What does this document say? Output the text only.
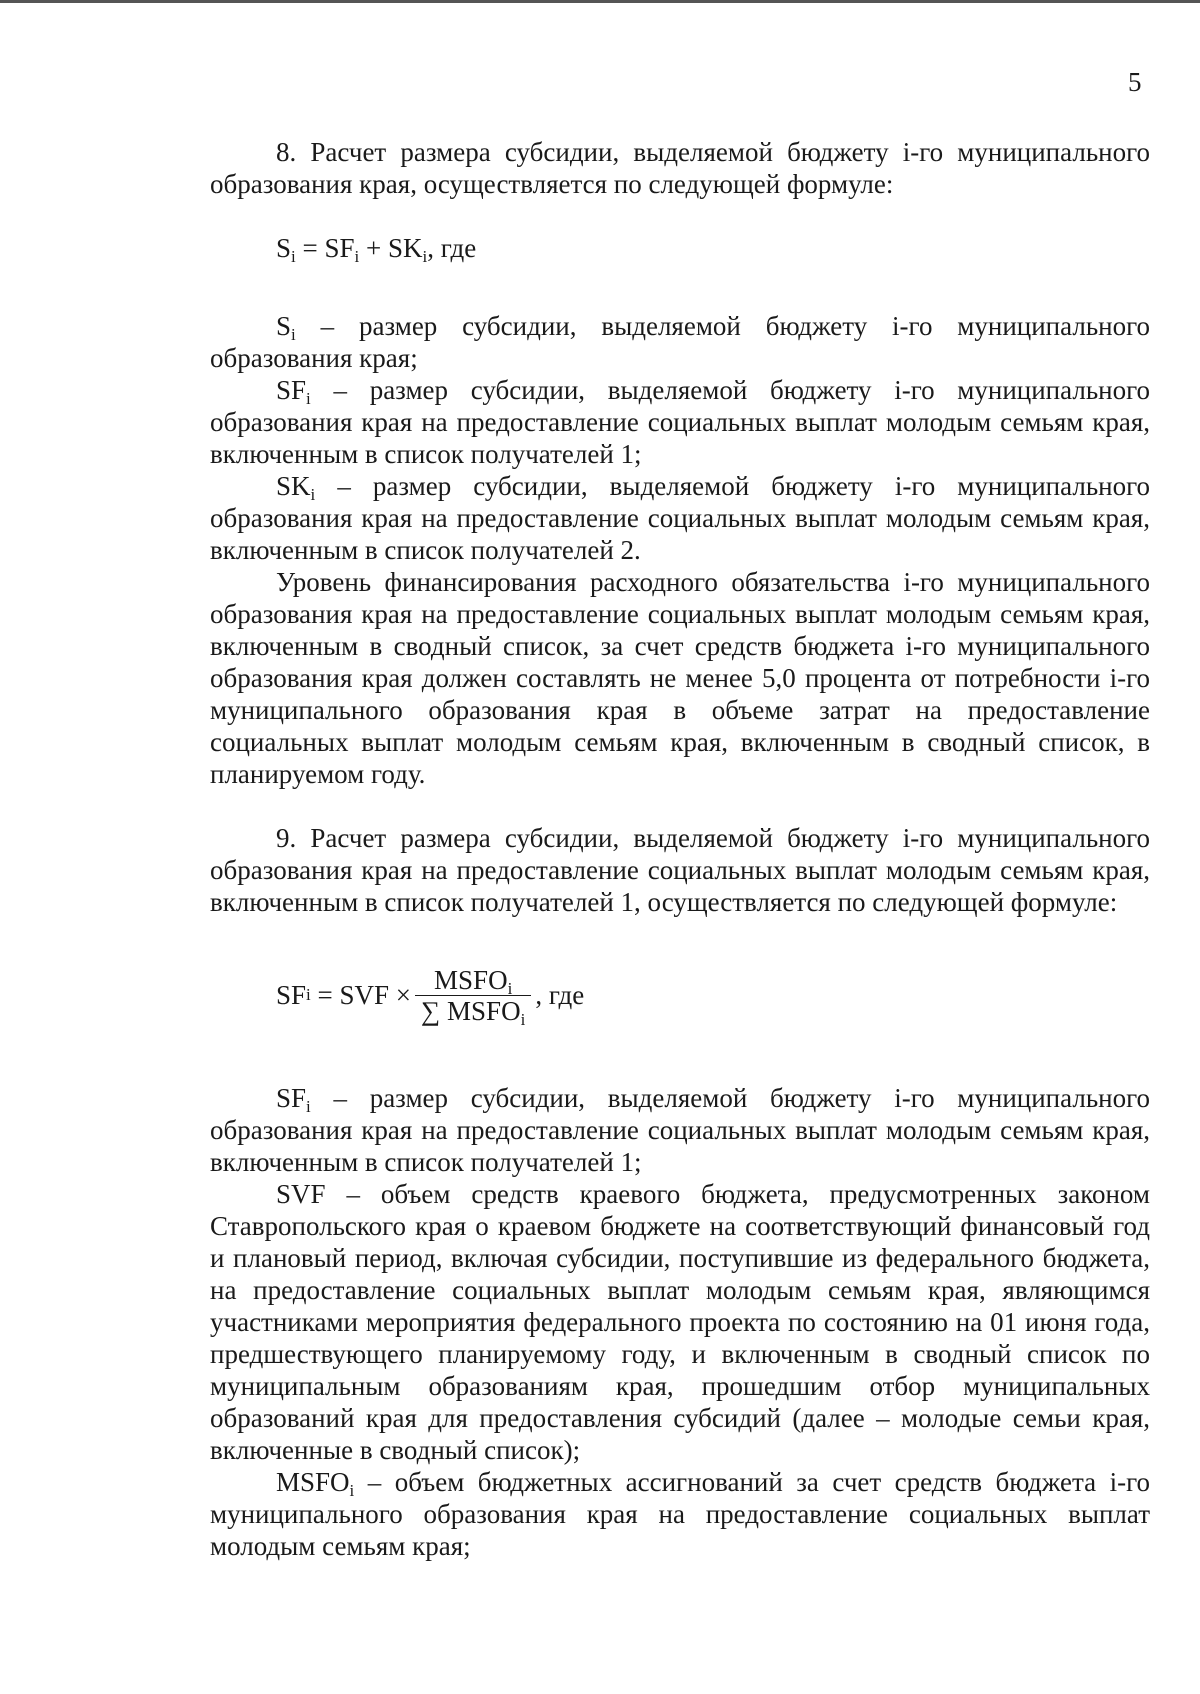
5

8. Расчет размера субсидии, выделяемой бюджету i-го муниципального образования края, осуществляется по следующей формуле:

$S_i = SF_i + SK_i$, где

$S_i$ – размер субсидии, выделяемой бюджету i-го муниципального образования края;

$SF_i$ – размер субсидии, выделяемой бюджету i-го муниципального образования края на предоставление социальных выплат молодым семьям края, включенным в список получателей 1;

$SK_i$ – размер субсидии, выделяемой бюджету i-го муниципального образования края на предоставление социальных выплат молодым семьям края, включенным в список получателей 2.

Уровень финансирования расходного обязательства i-го муниципального образования края на предоставление социальных выплат молодым семьям края, включенным в сводный список, за счет средств бюджета i-го муниципального образования края должен составлять не менее 5,0 процента от потребности i-го муниципального образования края в объеме затрат на предоставление социальных выплат молодым семьям края, включенным в сводный список, в планируемом году.

9. Расчет размера субсидии, выделяемой бюджету i-го муниципального образования края на предоставление социальных выплат молодым семьям края, включенным в список получателей 1, осуществляется по следующей формуле:

SF i = SVF × $\frac{MSFO_i}{\sum MSFO_i}$ , где

$SF_i$ – размер субсидии, выделяемой бюджету i-го муниципального образования края на предоставление социальных выплат молодым семьям края, включенным в список получателей 1;

SVF – объем средств краевого бюджета, предусмотренных законом Ставропольского края о краевом бюджете на соответствующий финансовый год и плановый период, включая субсидии, поступившие из федерального бюджета, на предоставление социальных выплат молодым семьям края, являющимся участниками мероприятия федерального проекта по состоянию на 01 июня года, предшествующего планируемому году, и включенным в сводный список по муниципальным образованиям края, прошедшим отбор муниципальных образований края для предоставления субсидий (далее – молодые семьи края, включенные в сводный список);

$MSFO_i$ – объем бюджетных ассигнований за счет средств бюджета i-го муниципального образования края на предоставление социальных выплат молодым семьям края;
